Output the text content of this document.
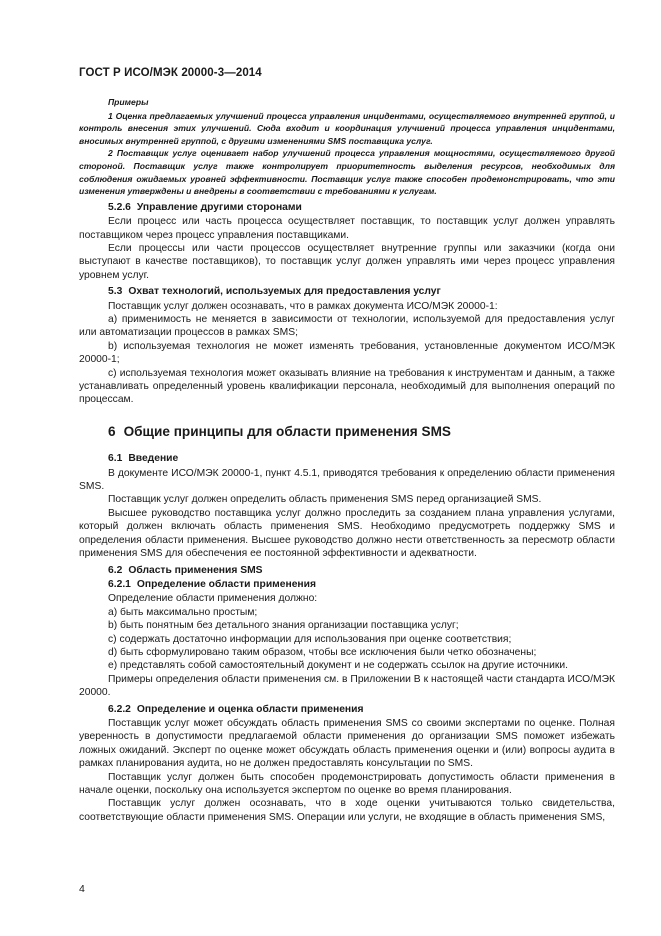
ГОСТ Р ИСО/МЭК 20000-3—2014

Примеры

1 Оценка предлагаемых улучшений процесса управления инцидентами, осуществляемого внутренней группой, и контроль внесения этих улучшений. Сюда входит и координация улучшений процесса управления инцидентами, вносимых внутренней группой, с другими изменениями SMS поставщика услуг.

2 Поставщик услуг оценивает набор улучшений процесса управления мощностями, осуществляемого другой стороной. Поставщик услуг также контролирует приоритетность выделения ресурсов, необходимых для соблюдения ожидаемых уровней эффективности. Поставщик услуг также способен продемонстрировать, что эти изменения утверждены и внедрены в соответствии с требованиями к услугам.

5.2.6 Управление другими сторонами

Если процесс или часть процесса осуществляет поставщик, то поставщик услуг должен управлять поставщиком через процесс управления поставщиками.

Если процессы или части процессов осуществляет внутренние группы или заказчики (когда они выступают в качестве поставщиков), то поставщик услуг должен управлять ими через процесс управления уровнем услуг.

5.3 Охват технологий, используемых для предоставления услуг

Поставщик услуг должен осознавать, что в рамках документа ИСО/МЭК 20000-1:

а) применимость не меняется в зависимости от технологии, используемой для предоставления услуг или автоматизации процессов в рамках SMS;

b) используемая технология не может изменять требования, установленные документом ИСО/МЭК 20000-1;

c) используемая технология может оказывать влияние на требования к инструментам и данным, а также устанавливать определенный уровень квалификации персонала, необходимый для выполнения операций по процессам.

6 Общие принципы для области применения SMS

6.1 Введение

В документе ИСО/МЭК 20000-1, пункт 4.5.1, приводятся требования к определению области применения SMS.

Поставщик услуг должен определить область применения SMS перед организацией SMS.

Высшее руководство поставщика услуг должно проследить за созданием плана управления услугами, который должен включать область применения SMS. Необходимо предусмотреть поддержку SMS и определения области применения. Высшее руководство должно нести ответственность за пересмотр области применения SMS для обеспечения ее постоянной эффективности и адекватности.

6.2 Область применения SMS

6.2.1 Определение области применения

Определение области применения должно:

а) быть максимально простым;

b) быть понятным без детального знания организации поставщика услуг;

c) содержать достаточно информации для использования при оценке соответствия;

d) быть сформулировано таким образом, чтобы все исключения были четко обозначены;

e) представлять собой самостоятельный документ и не содержать ссылок на другие источники.

Примеры определения области применения см. в Приложении В к настоящей части стандарта ИСО/МЭК 20000.

6.2.2 Определение и оценка области применения

Поставщик услуг может обсуждать область применения SMS со своими экспертами по оценке. Полная уверенность в допустимости предлагаемой области применения до организации SMS поможет избежать ложных ожиданий. Эксперт по оценке может обсуждать область применения оценки и (или) вопросы аудита в рамках планирования аудита, но не должен предоставлять консультации по SMS.

Поставщик услуг должен быть способен продемонстрировать допустимость области применения в начале оценки, поскольку она используется экспертом по оценке во время планирования.

Поставщик услуг должен осознавать, что в ходе оценки учитываются только свидетельства, соответствующие области применения SMS. Операции или услуги, не входящие в область применения SMS,

4
